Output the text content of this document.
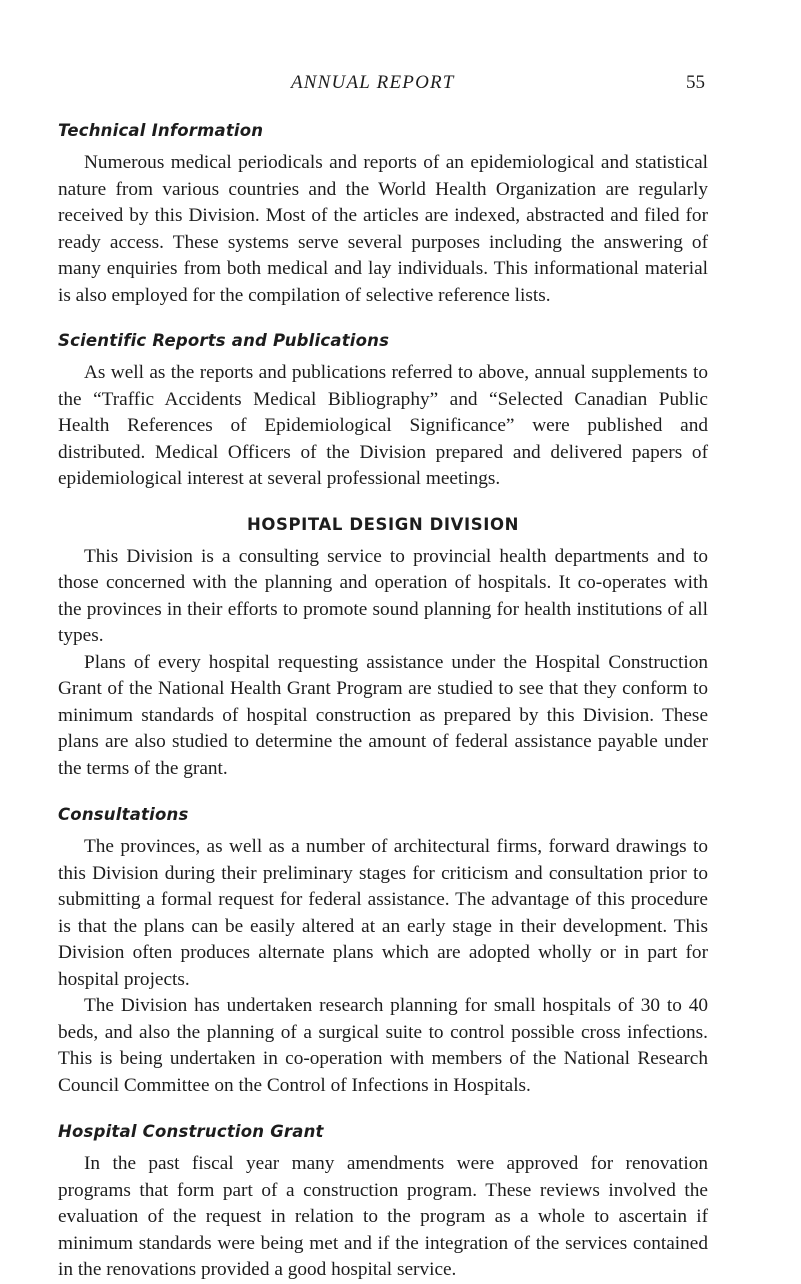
ANNUAL REPORT	55
Technical Information

Numerous medical periodicals and reports of an epidemiological and statistical nature from various countries and the World Health Organization are regularly received by this Division. Most of the articles are indexed, abstracted and filed for ready access. These systems serve several purposes including the answering of many enquiries from both medical and lay individuals. This informational material is also employed for the compilation of selective reference lists.

Scientific Reports and Publications

As well as the reports and publications referred to above, annual supplements to the “Traffic Accidents Medical Bibliography” and “Selected Canadian Public Health References of Epidemiological Significance” were published and distributed. Medical Officers of the Division prepared and delivered papers of epidemiological interest at several professional meetings.

HOSPITAL DESIGN DIVISION

This Division is a consulting service to provincial health departments and to those concerned with the planning and operation of hospitals. It co-operates with the provinces in their efforts to promote sound planning for health institutions of all types.

Plans of every hospital requesting assistance under the Hospital Construction Grant of the National Health Grant Program are studied to see that they conform to minimum standards of hospital construction as prepared by this Division. These plans are also studied to determine the amount of federal assistance payable under the terms of the grant.

Consultations

The provinces, as well as a number of architectural firms, forward drawings to this Division during their preliminary stages for criticism and consultation prior to submitting a formal request for federal assistance. The advantage of this procedure is that the plans can be easily altered at an early stage in their development. This Division often produces alternate plans which are adopted wholly or in part for hospital projects.

The Division has undertaken research planning for small hospitals of 30 to 40 beds, and also the planning of a surgical suite to control possible cross infections. This is being undertaken in co-operation with members of the National Research Council Committee on the Control of Infections in Hospitals.

Hospital Construction Grant

In the past fiscal year many amendments were approved for renovation programs that form part of a construction program. These reviews involved the evaluation of the request in relation to the program as a whole to ascertain if minimum standards were being met and if the integration of the services contained in the renovations provided a good hospital service.
